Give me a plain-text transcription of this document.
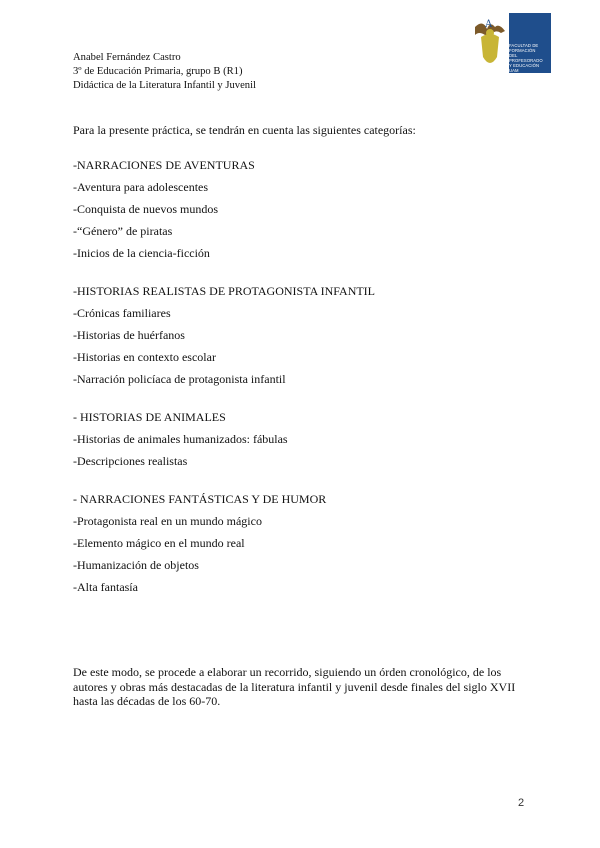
Anabel Fernández Castro
3º de Educación Primaria, grupo B (R1)
Didáctica de la Literatura Infantil y Juvenil
A
FACULTAD DE
FORMACIÓN
DEL PROFESORADO
Y EDUCACIÓN
UAM

Para la presente práctica, se tendrán en cuenta las siguientes categorías:

-NARRACIONES DE AVENTURAS
-Aventura para adolescentes
-Conquista de nuevos mundos
-“Género” de piratas
-Inicios de la ciencia-ficción
-HISTORIAS REALISTAS DE PROTAGONISTA INFANTIL
-Crónicas familiares
-Historias de huérfanos
-Historias en contexto escolar
-Narración policíaca de protagonista infantil
- HISTORIAS DE ANIMALES
-Historias de animales humanizados: fábulas
-Descripciones realistas
- NARRACIONES FANTÁSTICAS Y DE HUMOR
-Protagonista real en un mundo mágico
-Elemento mágico en el mundo real
-Humanización de objetos
-Alta fantasía

De este modo, se procede a elaborar un recorrido, siguiendo un órden cronológico, de los autores y obras más destacadas de la literatura infantil y juvenil desde finales del siglo XVII hasta las décadas de los 60-70.

2
